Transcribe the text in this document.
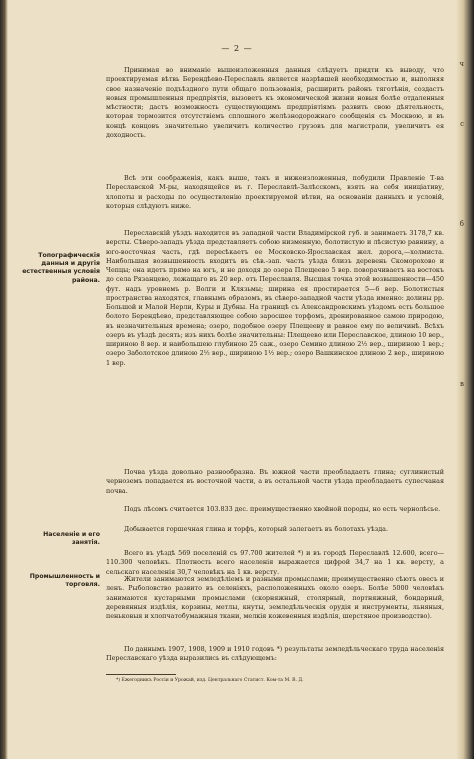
ч
с
б
в
— 2 —

Принимая во вниманіе вышеизложенныя данныя слѣдуетъ придти къ выводу, что проектируемая вѣтвь Берендѣево-Переславль является назрѣвшей необходимостью и, выполняя свое назначеніе подъѣздного пути общаго пользованія, расширитъ районъ тяготѣнія, создастъ новыя промышленныя предпріятія, вызоветъ къ экономической жизни новыя болѣе отдаленныя мѣстности; дастъ возможность существующимъ предпріятіямъ развить свою дѣятельность, которая тормозится отсутствіемъ сплошного желѣзнодорожнаго сообщенія съ Москвою, и въ концѣ концовъ значительно увеличитъ количество грузовъ для магистрали, увеличитъ ея доходность.

Всѣ эти соображенія, какъ выше, такъ и нижеизложенныя, побудили Правленіе Т-ва Переславской М-ры, находящейся въ г. Переславлѣ-Залѣсскомъ, взять на себя иниціативу, хлопоты и расходы по осуществленію проектируемой вѣтви, на основаніи данныхъ и условій, которыя слѣдуютъ ниже.

Топографическія данныя и другія естественныя условія района.

Переславскій уѣздъ находится въ западной части Владимірской губ. и занимаетъ 3178,7 кв. версты. Сѣверо-западъ уѣзда представляетъ собою низменную, болотистую и лѣсистую равнину, а юго-восточная часть, гдѣ пересѣкаетъ ее Московско-Ярославская жел. дорога,—холмиста. Наибольшая возвышенность входитъ въ сѣв.-зап. часть уѣзда близъ деревень Скоморохово и Чепцы; она идетъ прямо на югъ, и не доходя до озера Плещеево 5 вер. поворачиваетъ на востокъ до села Рязанцево, лежащаго въ 20 вер. отъ Переславля. Высшая точка этой возвышенности—450 фут. надъ уровнемъ р. Волги и Клязьмы; ширина ея простирается 5—6 вер. Болотистыя пространства находятся, главнымъ образомъ, въ сѣверо-западной части уѣзда именно: долины рр. Большой и Малой Нерли, Куры и Дубны. На границѣ съ Александровскимъ уѣздомъ есть большое болото Берендѣево, представляющее собою заросшее торфомъ, дренированное самою природою, въ незначительныя времена; озеро, подобное озеру Плещееву и равное ему по величинѣ. Всѣхъ озеръ въ уѣздѣ десять; изъ нихъ болѣе значительны: Плещеево или Переславское, длиною 10 вер., шириною 8 вер. и наибольшею глубиною 25 саж., озеро Семино длиною 2½ вер., шириною 1 вер.; озеро Заболотское длиною 2½ вер., шириною 1½ вер.; озеро Вашкинское длиною 2 вер., шириною 1 вер.

Почва уѣзда довольно разнообразна. Въ южной части преобладаетъ глина; суглинистый черноземъ попадается въ восточной части, а въ остальной части уѣзда преобладаетъ супесчаная почва.

Подъ лѣсомъ считается 103.833 дес. преимущественно хвойной породы, но есть чернолѣсье.

Добывается горшечная глина и торфъ, который залегаетъ въ болотахъ уѣзда.

Населеніе и его занятія.

Всего въ уѣздѣ 569 поселеній съ 97.700 жителей *) и въ городѣ Переславлѣ 12.600, всего—110.300 человѣкъ. Плотность всего населенія выражается цифрой 34,7 на 1 кв. версту, а сельскаго населенія 30,7 человѣкъ на 1 кв. версту.

Промышленность и торговля.

Жители занимаются земледѣліемъ и разными промыслами; преимущественно сѣютъ овесъ и ленъ. Рыболовство развито въ селеніяхъ, расположенныхъ около озеръ. Болѣе 5000 человѣкъ занимаются кустарными промыслами (скорняжный, столярный, портняжный, бондарный, деревянныя издѣлія, корзины, метлы, кнуты, земледѣльческія орудія и инструменты, льняныя, пеньковыя и хлопчатобумажныя ткани, мелкія кожевенныя издѣлія, шерстяное производство).

По даннымъ 1907, 1908, 1909 и 1910 годовъ *) результаты земледѣльческаго труда населенія Переславскаго уѣзда выразились въ слѣдующемъ:

*) Ежегодникъ Россіи и Урожай, изд. Центральнаго Статист. Ком-та М. В. Д.
